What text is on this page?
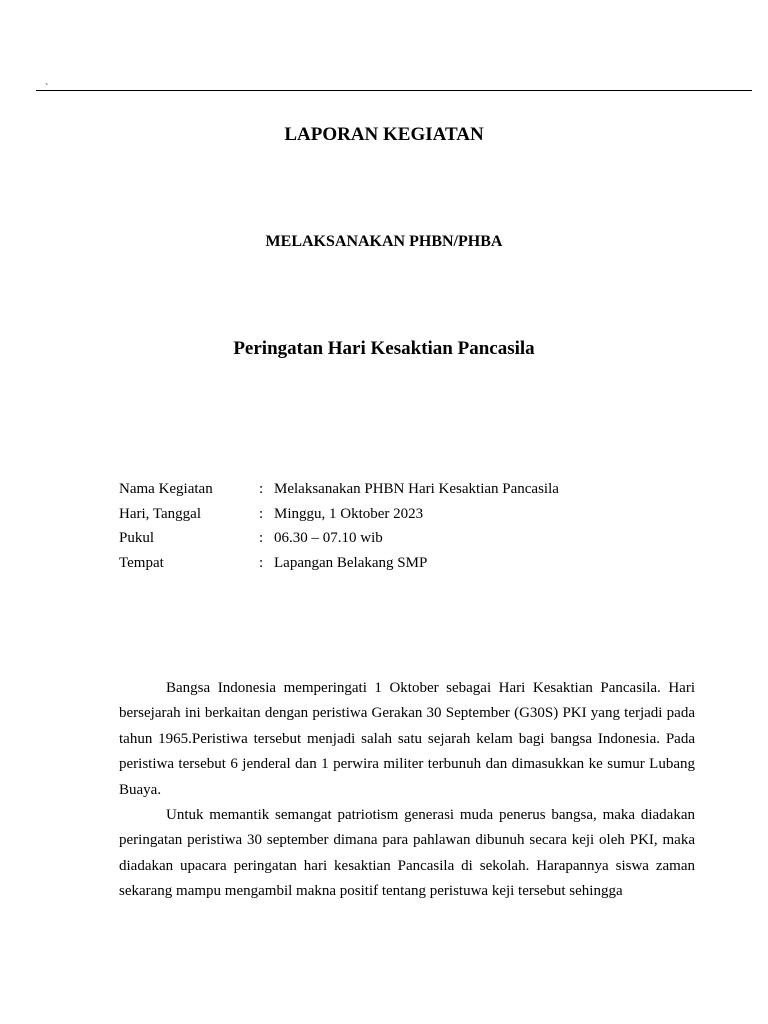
`
LAPORAN KEGIATAN
MELAKSANAKAN PHBN/PHBA
Peringatan Hari Kesaktian Pancasila
Nama Kegiatan	: Melaksanakan PHBN Hari Kesaktian Pancasila
Hari, Tanggal	: Minggu, 1 Oktober 2023
Pukul	: 06.30 – 07.10 wib
Tempat	: Lapangan Belakang SMP

Bangsa Indonesia memperingati 1 Oktober sebagai Hari Kesaktian Pancasila. Hari bersejarah ini berkaitan dengan peristiwa Gerakan 30 September (G30S) PKI yang terjadi pada tahun 1965.Peristiwa tersebut menjadi salah satu sejarah kelam bagi bangsa Indonesia. Pada peristiwa tersebut 6 jenderal dan 1 perwira militer terbunuh dan dimasukkan ke sumur Lubang Buaya.

Untuk memantik semangat patriotism generasi muda penerus bangsa, maka diadakan peringatan peristiwa 30 september dimana para pahlawan dibunuh secara keji oleh PKI, maka diadakan upacara peringatan hari kesaktian Pancasila di sekolah. Harapannya siswa zaman sekarang mampu mengambil makna positif tentang peristuwa keji tersebut sehingga
